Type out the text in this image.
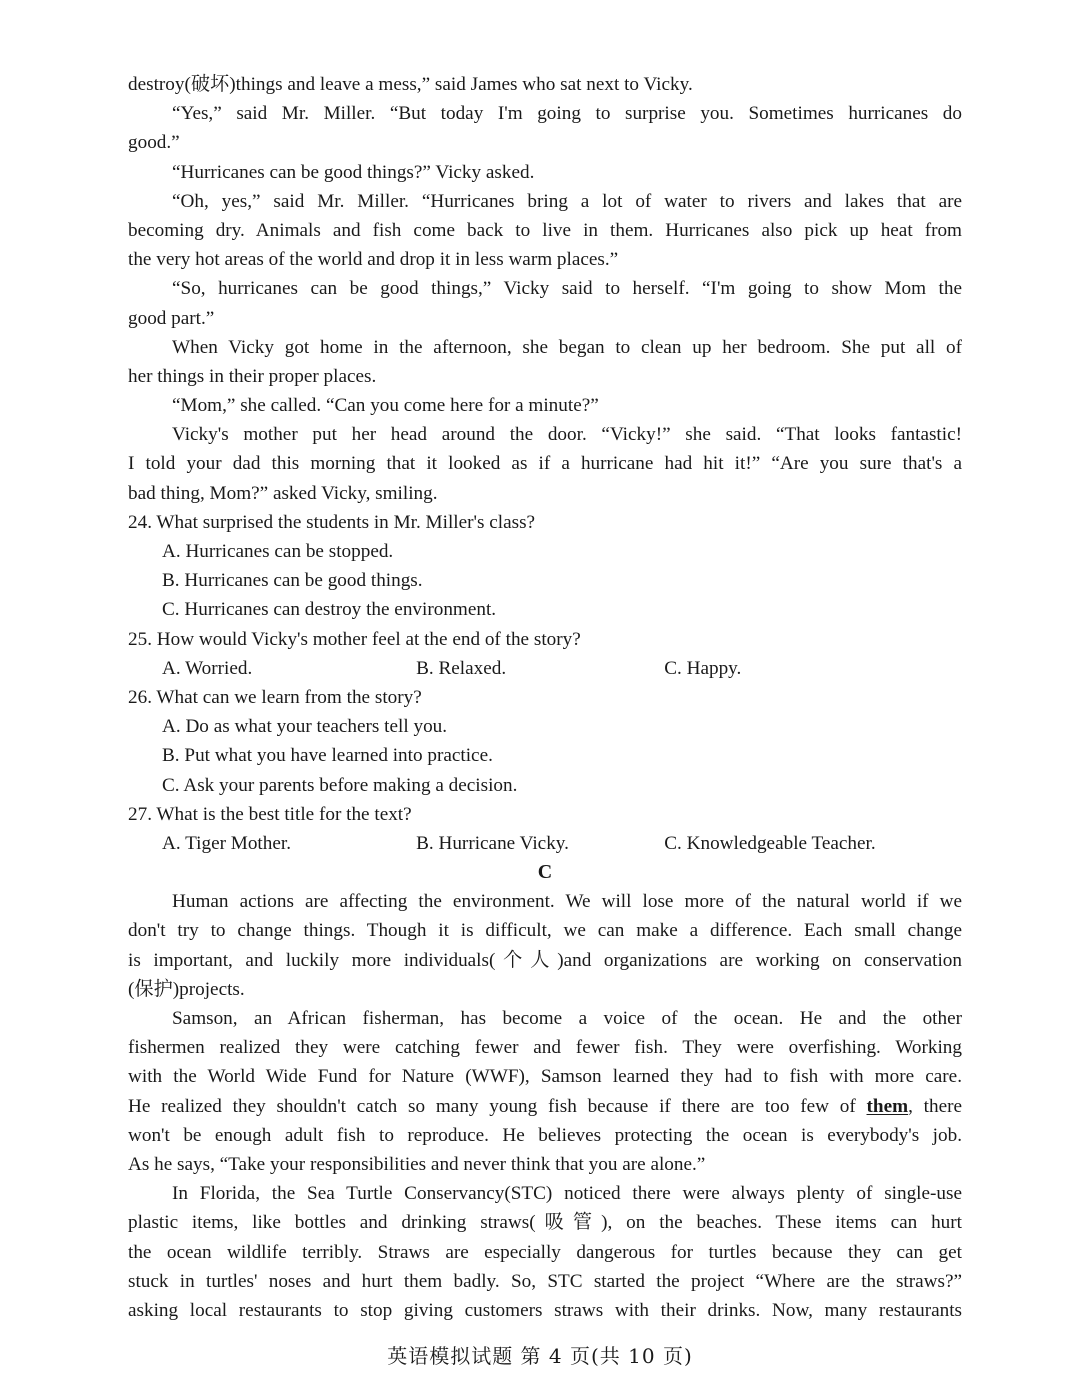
destroy(破坏)things and leave a mess,” said James who sat next to Vicky.
“Yes,” said Mr. Miller. “But today I'm going to surprise you. Sometimes hurricanes do
good.”
“Hurricanes can be good things?” Vicky asked.
“Oh, yes,” said Mr. Miller. “Hurricanes bring a lot of water to rivers and lakes that are
becoming dry. Animals and fish come back to live in them. Hurricanes also pick up heat from
the very hot areas of the world and drop it in less warm places.”
“So, hurricanes can be good things,” Vicky said to herself. “I'm going to show Mom the
good part.”
When Vicky got home in the afternoon, she began to clean up her bedroom. She put all of
her things in their proper places.
“Mom,” she called. “Can you come here for a minute?”
Vicky's mother put her head around the door. “Vicky!” she said. “That looks fantastic!
I told your dad this morning that it looked as if a hurricane had hit it!” “Are you sure that's a
bad thing, Mom?” asked Vicky, smiling.
24. What surprised the students in Mr. Miller's class?
A. Hurricanes can be stopped.
B. Hurricanes can be good things.
C. Hurricanes can destroy the environment.
25. How would Vicky's mother feel at the end of the story?
A. Worried.	B. Relaxed.	C. Happy.
26. What can we learn from the story?
A. Do as what your teachers tell you.
B. Put what you have learned into practice.
C. Ask your parents before making a decision.
27. What is the best title for the text?
A. Tiger Mother.	B. Hurricane Vicky.	C. Knowledgeable Teacher.
C
Human actions are affecting the environment. We will lose more of the natural world if we
don't try to change things. Though it is difficult, we can make a difference. Each small change
is important, and luckily more individuals(个人)and organizations are working on conservation
(保护)projects.
Samson, an African fisherman, has become a voice of the ocean. He and the other
fishermen realized they were catching fewer and fewer fish. They were overfishing. Working
with the World Wide Fund for Nature (WWF), Samson learned they had to fish with more care.
He realized they shouldn't catch so many young fish because if there are too few of them, there
won't be enough adult fish to reproduce. He believes protecting the ocean is everybody's job.
As he says, “Take your responsibilities and never think that you are alone.”
In Florida, the Sea Turtle Conservancy(STC) noticed there were always plenty of single-use
plastic items, like bottles and drinking straws(吸管), on the beaches. These items can hurt
the ocean wildlife terribly. Straws are especially dangerous for turtles because they can get
stuck in turtles' noses and hurt them badly. So, STC started the project “Where are the straws?”
asking local restaurants to stop giving customers straws with their drinks. Now, many restaurants
英语模拟试题 第 4 页(共 10 页)
